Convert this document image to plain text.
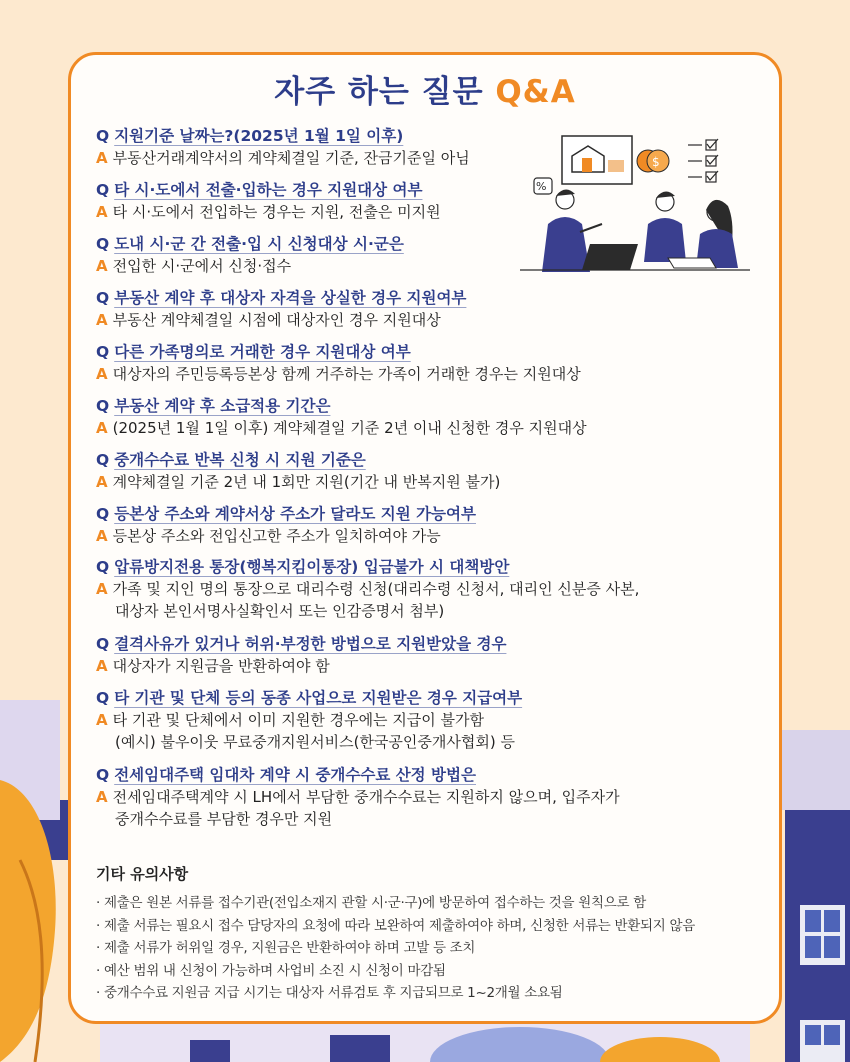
자주 하는 질문 Q&A
$
%
Q 지원기준 날짜는?(2025년 1월 1일 이후)
A 부동산거래계약서의 계약체결일 기준, 잔금기준일 아님
Q 타 시·도에서 전출·입하는 경우 지원대상 여부
A 타 시·도에서 전입하는 경우는 지원, 전출은 미지원
Q 도내 시·군 간 전출·입 시 신청대상 시·군은
A 전입한 시·군에서 신청·접수
Q 부동산 계약 후 대상자 자격을 상실한 경우 지원여부
A 부동산 계약체결일 시점에 대상자인 경우 지원대상
Q 다른 가족명의로 거래한 경우 지원대상 여부
A 대상자의 주민등록등본상 함께 거주하는 가족이 거래한 경우는 지원대상
Q 부동산 계약 후 소급적용 기간은
A (2025년 1월 1일 이후) 계약체결일 기준 2년 이내 신청한 경우 지원대상
Q 중개수수료 반복 신청 시 지원 기준은
A 계약체결일 기준 2년 내 1회만 지원(기간 내 반복지원 불가)
Q 등본상 주소와 계약서상 주소가 달라도 지원 가능여부
A 등본상 주소와 전입신고한 주소가 일치하여야 가능
Q 압류방지전용 통장(행복지킴이통장) 입금불가 시 대책방안
A 가족 및 지인 명의 통장으로 대리수령 신청(대리수령 신청서, 대리인 신분증 사본,
대상자 본인서명사실확인서 또는 인감증명서 첨부)
Q 결격사유가 있거나 허위·부정한 방법으로 지원받았을 경우
A 대상자가 지원금을 반환하여야 함
Q 타 기관 및 단체 등의 동종 사업으로 지원받은 경우 지급여부
A 타 기관 및 단체에서 이미 지원한 경우에는 지급이 불가함
(예시) 불우이웃 무료중개지원서비스(한국공인중개사협회) 등
Q 전세임대주택 임대차 계약 시 중개수수료 산정 방법은
A 전세임대주택계약 시 LH에서 부담한 중개수수료는 지원하지 않으며, 입주자가
중개수수료를 부담한 경우만 지원
기타 유의사항
· 제출은 원본 서류를 접수기관(전입소재지 관할 시·군·구)에 방문하여 접수하는 것을 원칙으로 함
· 제출 서류는 필요시 접수 담당자의 요청에 따라 보완하여 제출하여야 하며, 신청한 서류는 반환되지 않음
· 제출 서류가 허위일 경우, 지원금은 반환하여야 하며 고발 등 조치
· 예산 범위 내 신청이 가능하며 사업비 소진 시 신청이 마감됨
· 중개수수료 지원금 지급 시기는 대상자 서류검토 후 지급되므로 1~2개월 소요됨
